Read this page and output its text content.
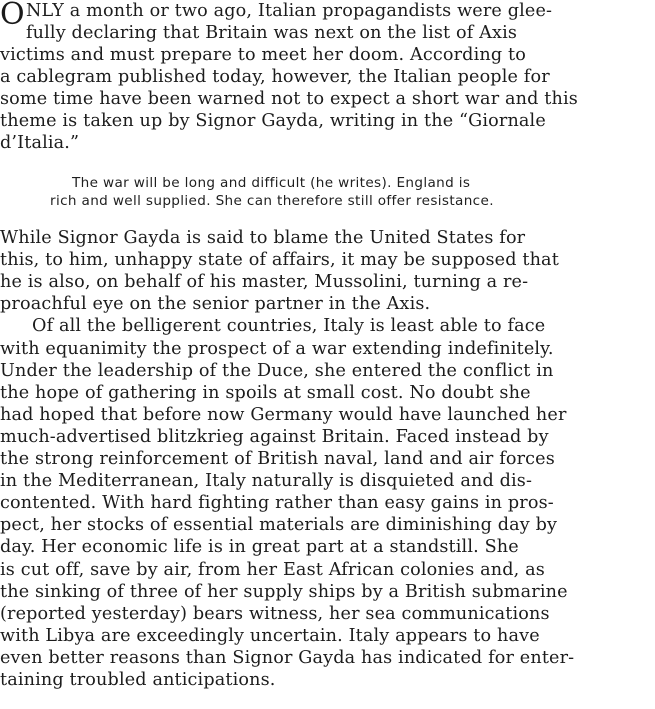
O NLY a month or two ago, Italian propagandists were glee-
fully declaring that Britain was next on the list of Axis
victims and must prepare to meet her doom. According to
a cablegram published today, however, the Italian people for
some time have been warned not to expect a short war and this
theme is taken up by Signor Gayda, writing in the “Giornale
d’Italia.”
The war will be long and difficult (he writes). England is
rich and well supplied. She can therefore still offer resistance.
While Signor Gayda is said to blame the United States for
this, to him, unhappy state of affairs, it may be supposed that
he is also, on behalf of his master, Mussolini, turning a re-
proachful eye on the senior partner in the Axis.
Of all the belligerent countries, Italy is least able to face
with equanimity the prospect of a war extending indefinitely.
Under the leadership of the Duce, she entered the conflict in
the hope of gathering in spoils at small cost. No doubt she
had hoped that before now Germany would have launched her
much-advertised blitzkrieg against Britain. Faced instead by
the strong reinforcement of British naval, land and air forces
in the Mediterranean, Italy naturally is disquieted and dis-
contented. With hard fighting rather than easy gains in pros-
pect, her stocks of essential materials are diminishing day by
day. Her economic life is in great part at a standstill. She
is cut off, save by air, from her East African colonies and, as
the sinking of three of her supply ships by a British submarine
(reported yesterday) bears witness, her sea communications
with Libya are exceedingly uncertain. Italy appears to have
even better reasons than Signor Gayda has indicated for enter-
taining troubled anticipations.
